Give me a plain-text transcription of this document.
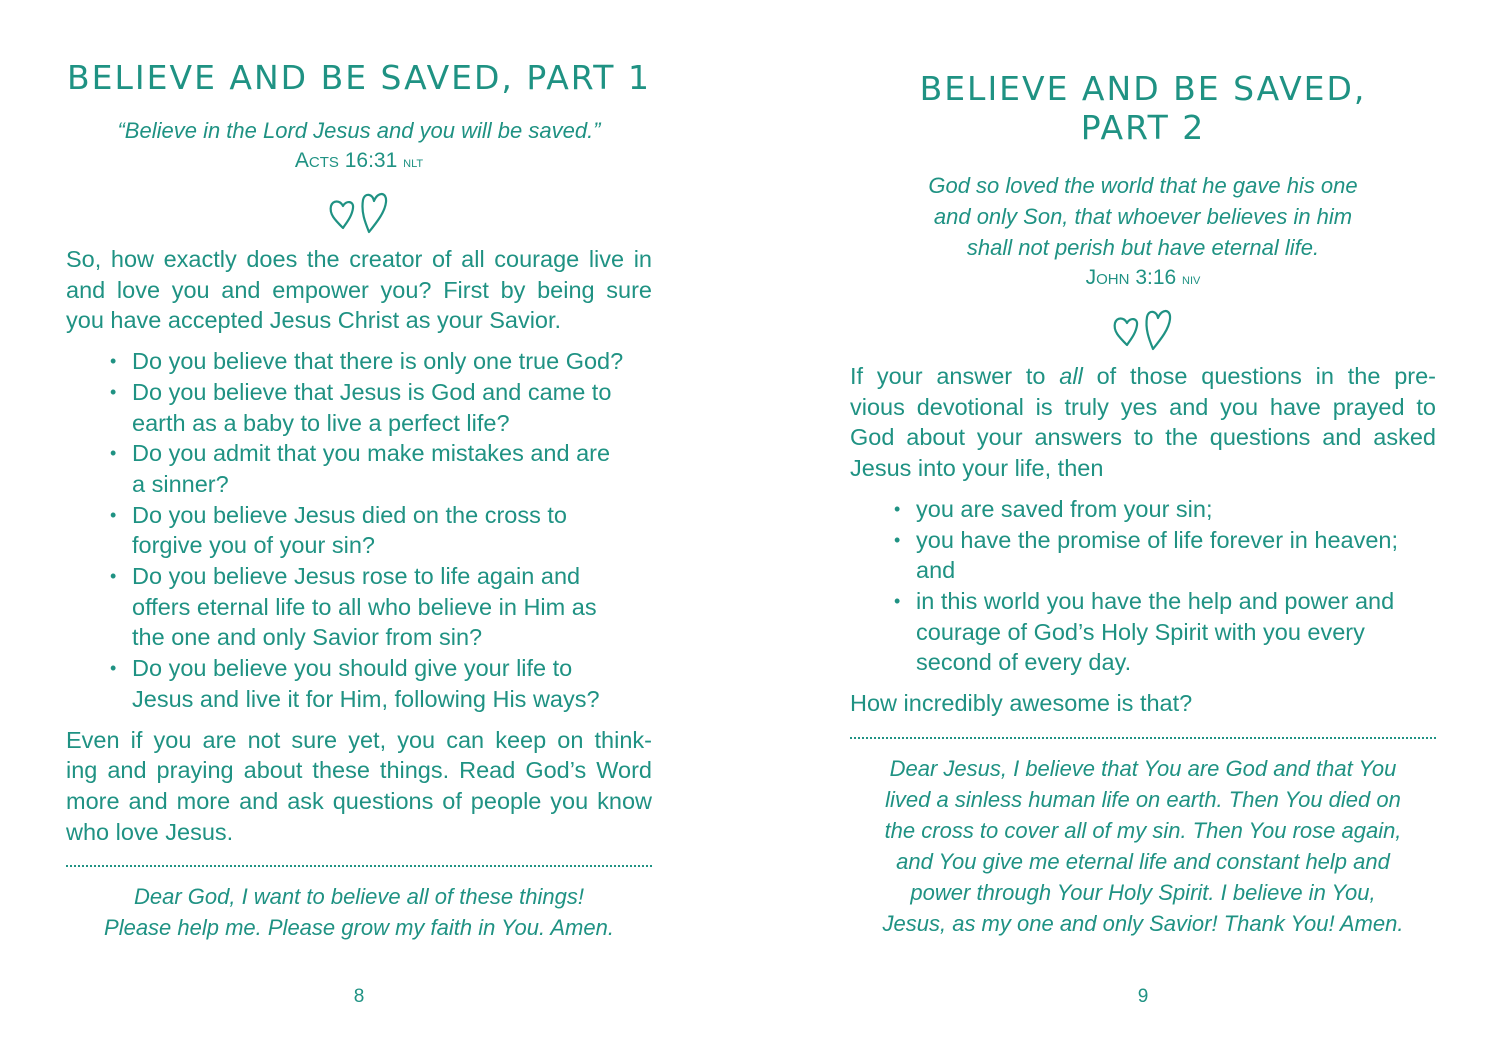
BELIEVE AND BE SAVED, PART 1

“Believe in the Lord Jesus and you will be saved.”

Acts 16:31 nlt

So, how exactly does the creator of all courage live in
and love you and empower you? First by being sure
you have accepted Jesus Christ as your Savior.

• Do you believe that there is only one true God?
• Do you believe that Jesus is God and came to
earth as a baby to live a perfect life?
• Do you admit that you make mistakes and are
a sinner?
• Do you believe Jesus died on the cross to
forgive you of your sin?
• Do you believe Jesus rose to life again and
offers eternal life to all who believe in Him as
the one and only Savior from sin?
• Do you believe you should give your life to
Jesus and live it for Him, following His ways?

Even if you are not sure yet, you can keep on think-
ing and praying about these things. Read God’s Word
more and more and ask questions of people you know
who love Jesus.

Dear God, I want to believe all of these things!
Please help me. Please grow my faith in You. Amen.

8
BELIEVE AND BE SAVED,
PART 2

God so loved the world that he gave his one
and only Son, that whoever believes in him
shall not perish but have eternal life.

John 3:16 niv

If your answer to all of those questions in the pre-
vious devotional is truly yes and you have prayed to
God about your answers to the questions and asked
Jesus into your life, then

• you are saved from your sin;
• you have the promise of life forever in heaven;
and
• in this world you have the help and power and
courage of God’s Holy Spirit with you every
second of every day.

How incredibly awesome is that?

Dear Jesus, I believe that You are God and that You
lived a sinless human life on earth. Then You died on
the cross to cover all of my sin. Then You rose again,
and You give me eternal life and constant help and
power through Your Holy Spirit. I believe in You,
Jesus, as my one and only Savior! Thank You! Amen.

9
